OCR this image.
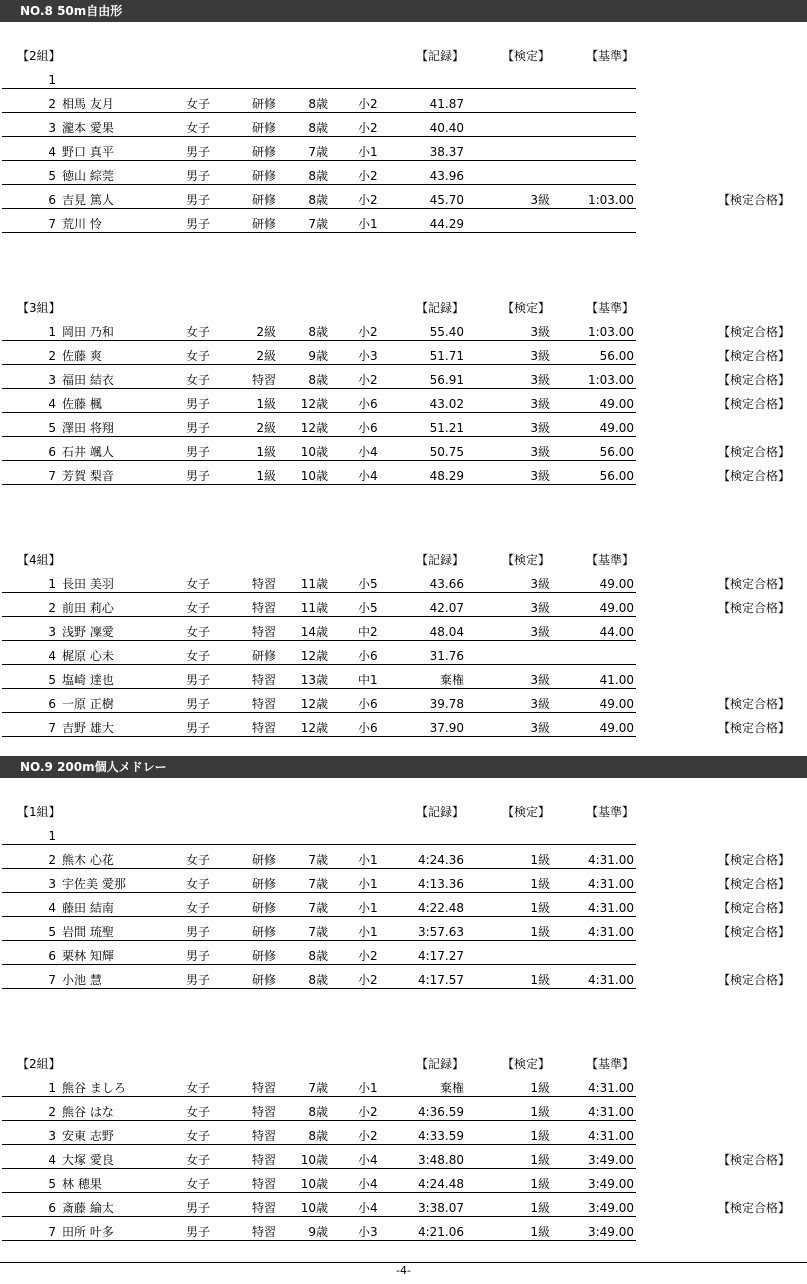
NO.8 50m自由形
【2組】	【記録】	【検定】	【基準】
1
2 相馬 友月	女子	研修	8歳	小2	41.87
3 瀧本 愛果	女子	研修	8歳	小2	40.40
4 野口 真平	男子	研修	7歳	小1	38.37
5 徳山 綜莞	男子	研修	8歳	小2	43.96
6 吉見 篤人	男子	研修	8歳	小2	45.70	3級	1:03.00	【検定合格】
7 荒川 怜	男子	研修	7歳	小1	44.29
【3組】	【記録】	【検定】	【基準】
1 岡田 乃和	女子	2級	8歳	小2	55.40	3級	1:03.00	【検定合格】
2 佐藤 爽	女子	2級	9歳	小3	51.71	3級	56.00	【検定合格】
3 福田 結衣	女子	特習	8歳	小2	56.91	3級	1:03.00	【検定合格】
4 佐藤 楓	男子	1級	12歳	小6	43.02	3級	49.00	【検定合格】
5 澤田 将翔	男子	2級	12歳	小6	51.21	3級	49.00
6 石井 颯人	男子	1級	10歳	小4	50.75	3級	56.00	【検定合格】
7 芳賀 梨音	男子	1級	10歳	小4	48.29	3級	56.00	【検定合格】
【4組】	【記録】	【検定】	【基準】
1 長田 美羽	女子	特習	11歳	小5	43.66	3級	49.00	【検定合格】
2 前田 莉心	女子	特習	11歳	小5	42.07	3級	49.00	【検定合格】
3 浅野 凜愛	女子	特習	14歳	中2	48.04	3級	44.00
4 梶原 心未	女子	研修	12歳	小6	31.76
5 塩崎 達也	男子	特習	13歳	中1	棄権	3級	41.00
6 一原 正樹	男子	特習	12歳	小6	39.78	3級	49.00	【検定合格】
7 吉野 雄大	男子	特習	12歳	小6	37.90	3級	49.00	【検定合格】
NO.9 200m個人メドレー
【1組】	【記録】	【検定】	【基準】
1
2 熊木 心花	女子	研修	7歳	小1	4:24.36	1級	4:31.00	【検定合格】
3 宇佐美 愛那	女子	研修	7歳	小1	4:13.36	1級	4:31.00	【検定合格】
4 藤田 結南	女子	研修	7歳	小1	4:22.48	1級	4:31.00	【検定合格】
5 岩間 琉聖	男子	研修	7歳	小1	3:57.63	1級	4:31.00	【検定合格】
6 栗林 知輝	男子	研修	8歳	小2	4:17.27
7 小池 慧	男子	研修	8歳	小2	4:17.57	1級	4:31.00	【検定合格】
【2組】	【記録】	【検定】	【基準】
1 熊谷 ましろ	女子	特習	7歳	小1	棄権	1級	4:31.00
2 熊谷 はな	女子	特習	8歳	小2	4:36.59	1級	4:31.00
3 安東 志野	女子	特習	8歳	小2	4:33.59	1級	4:31.00
4 大塚 愛良	女子	特習	10歳	小4	3:48.80	1級	3:49.00	【検定合格】
5 林 穂果	女子	特習	10歳	小4	4:24.48	1級	3:49.00
6 斎藤 綸太	男子	特習	10歳	小4	3:38.07	1級	3:49.00	【検定合格】
7 田所 叶多	男子	特習	9歳	小3	4:21.06	1級	3:49.00
-4-
